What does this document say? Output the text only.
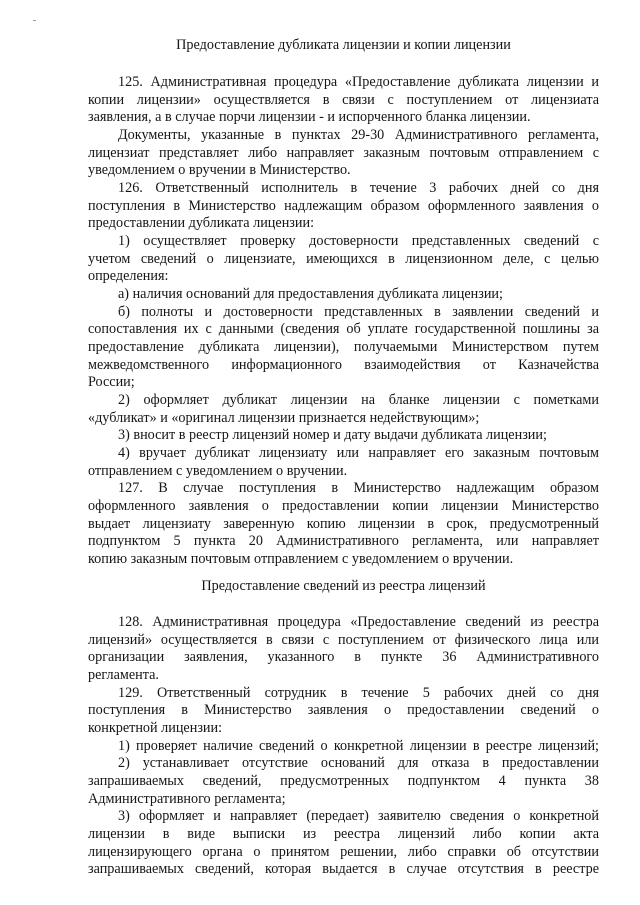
Предоставление дубликата лицензии и копии лицензии
125. Административная процедура «Предоставление дубликата лицензии и
копии лицензии» осуществляется в связи с поступлением от лицензиата
заявления, а в случае порчи лицензии - и испорченного бланка лицензии.
Документы, указанные в пунктах 29-30 Административного регламента,
лицензиат представляет либо направляет заказным почтовым отправлением с
уведомлением о вручении в Министерство.
126. Ответственный исполнитель в течение 3 рабочих дней со дня
поступления в Министерство надлежащим образом оформленного заявления о
предоставлении дубликата лицензии:
1) осуществляет проверку достоверности представленных сведений с
учетом сведений о лицензиате, имеющихся в лицензионном деле, с целью
определения:
а) наличия оснований для предоставления дубликата лицензии;
б) полноты и достоверности представленных в заявлении сведений и
сопоставления их с данными (сведения об уплате государственной пошлины за
предоставление дубликата лицензии), получаемыми Министерством путем
межведомственного информационного взаимодействия от Казначейства
России;
2) оформляет дубликат лицензии на бланке лицензии с пометками
«дубликат» и «оригинал лицензии признается недействующим»;
3) вносит в реестр лицензий номер и дату выдачи дубликата лицензии;
4) вручает дубликат лицензиату или направляет его заказным почтовым
отправлением с уведомлением о вручении.
127. В случае поступления в Министерство надлежащим образом
оформленного заявления о предоставлении копии лицензии Министерство
выдает лицензиату заверенную копию лицензии в срок, предусмотренный
подпунктом 5 пункта 20 Административного регламента, или направляет
копию заказным почтовым отправлением с уведомлением о вручении.
Предоставление сведений из реестра лицензий
128. Административная процедура «Предоставление сведений из реестра
лицензий» осуществляется в связи с поступлением от физического лица или
организации заявления, указанного в пункте 36 Административного
регламента.
129. Ответственный сотрудник в течение 5 рабочих дней со дня
поступления в Министерство заявления о предоставлении сведений о
конкретной лицензии:
1) проверяет наличие сведений о конкретной лицензии в реестре лицензий;
2) устанавливает отсутствие оснований для отказа в предоставлении
запрашиваемых сведений, предусмотренных подпунктом 4 пункта 38
Административного регламента;
3) оформляет и направляет (передает) заявителю сведения о конкретной
лицензии в виде выписки из реестра лицензий либо копии акта
лицензирующего органа о принятом решении, либо справки об отсутствии
запрашиваемых сведений, которая выдается в случае отсутствия в реестре
